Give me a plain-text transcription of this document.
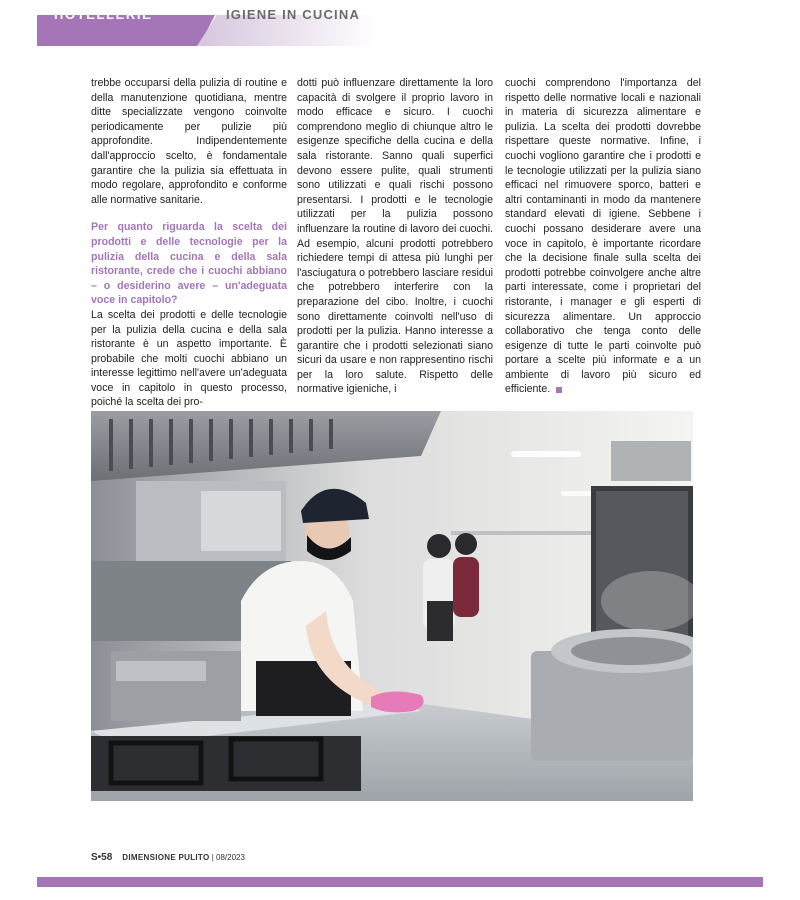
HOTELLERIE	IGIENE IN CUCINA

trebbe occuparsi della pulizia di routine e della manutenzione quotidiana, mentre ditte specializzate vengono coinvolte periodicamente per pulizie più approfondite. Indipendentemente dall'approccio scelto, è fondamentale garantire che la pulizia sia effettuata in modo regolare, approfondito e conforme alle normative sanitarie.

Per quanto riguarda la scelta dei prodotti e delle tecnologie per la pulizia della cucina e della sala ristorante, crede che i cuochi abbiano – o desiderino avere – un'adeguata voce in capitolo?

La scelta dei prodotti e delle tecnologie per la pulizia della cucina e della sala ristorante è un aspetto importante. È probabile che molti cuochi abbiano un interesse legittimo nell'avere un'adeguata voce in capitolo in questo processo, poiché la scelta dei pro-

dotti può influenzare direttamente la loro capacità di svolgere il proprio lavoro in modo efficace e sicuro. I cuochi comprendono meglio di chiunque altro le esigenze specifiche della cucina e della sala ristorante. Sanno quali superfici devono essere pulite, quali strumenti sono utilizzati e quali rischi possono presentarsi. I prodotti e le tecnologie utilizzati per la pulizia possono influenzare la routine di lavoro dei cuochi. Ad esempio, alcuni prodotti potrebbero richiedere tempi di attesa più lunghi per l'asciugatura o potrebbero lasciare residui che potrebbero interferire con la preparazione del cibo. Inoltre, i cuochi sono direttamente coinvolti nell'uso di prodotti per la pulizia. Hanno interesse a garantire che i prodotti selezionati siano sicuri da usare e non rappresentino rischi per la loro salute. Rispetto delle normative igieniche, i

cuochi comprendono l'importanza del rispetto delle normative locali e nazionali in materia di sicurezza alimentare e pulizia. La scelta dei prodotti dovrebbe rispettare queste normative. Infine, i cuochi vogliono garantire che i prodotti e le tecnologie utilizzati per la pulizia siano efficaci nel rimuovere sporco, batteri e altri contaminanti in modo da mantenere standard elevati di igiene. Sebbene i cuochi possano desiderare avere una voce in capitolo, è importante ricordare che la decisione finale sulla scelta dei prodotti potrebbe coinvolgere anche altre parti interessate, come i proprietari del ristorante, i manager e gli esperti di sicurezza alimentare. Un approccio collaborativo che tenga conto delle esigenze di tutte le parti coinvolte può portare a scelte più informate e a un ambiente di lavoro più sicuro ed efficiente.

S•58 DIMENSIONE PULITO | 08/2023
